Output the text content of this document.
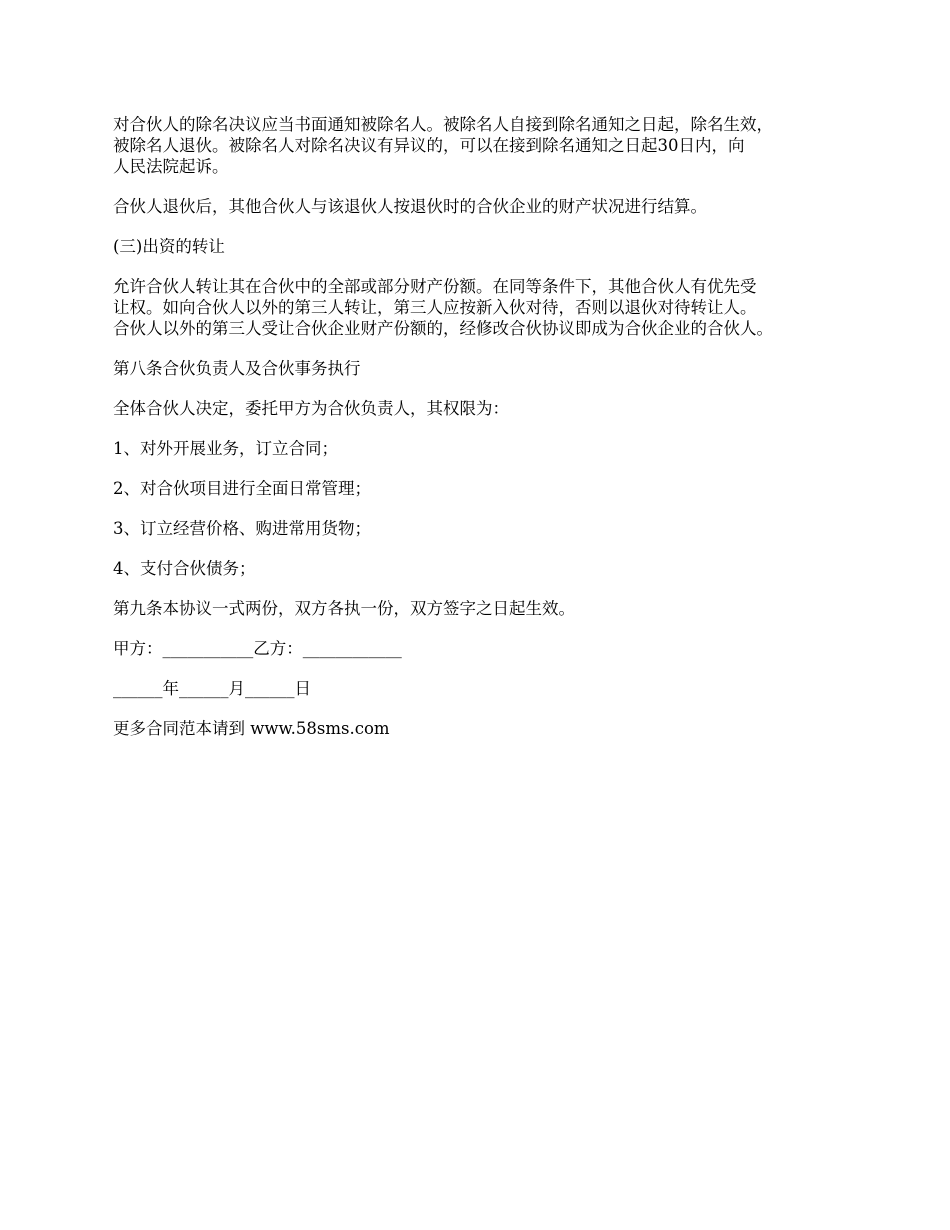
对合伙人的除名决议应当书面通知被除名人。被除名人自接到除名通知之日起，除名生效，
被除名人退伙。被除名人对除名决议有异议的，可以在接到除名通知之日起30日内，向
人民法院起诉。

合伙人退伙后，其他合伙人与该退伙人按退伙时的合伙企业的财产状况进行结算。

(三)出资的转让

允许合伙人转让其在合伙中的全部或部分财产份额。在同等条件下，其他合伙人有优先受
让权。如向合伙人以外的第三人转让，第三人应按新入伙对待，否则以退伙对待转让人。
合伙人以外的第三人受让合伙企业财产份额的，经修改合伙协议即成为合伙企业的合伙人。

第八条合伙负责人及合伙事务执行

全体合伙人决定，委托甲方为合伙负责人，其权限为：

1、对外开展业务，订立合同；

2、对合伙项目进行全面日常管理；

3、订立经营价格、购进常用货物；

4、支付合伙债务；

第九条本协议一式两份，双方各执一份，双方签字之日起生效。

甲方：___________乙方：____________

______年______月______日

更多合同范本请到 www.58sms.com
